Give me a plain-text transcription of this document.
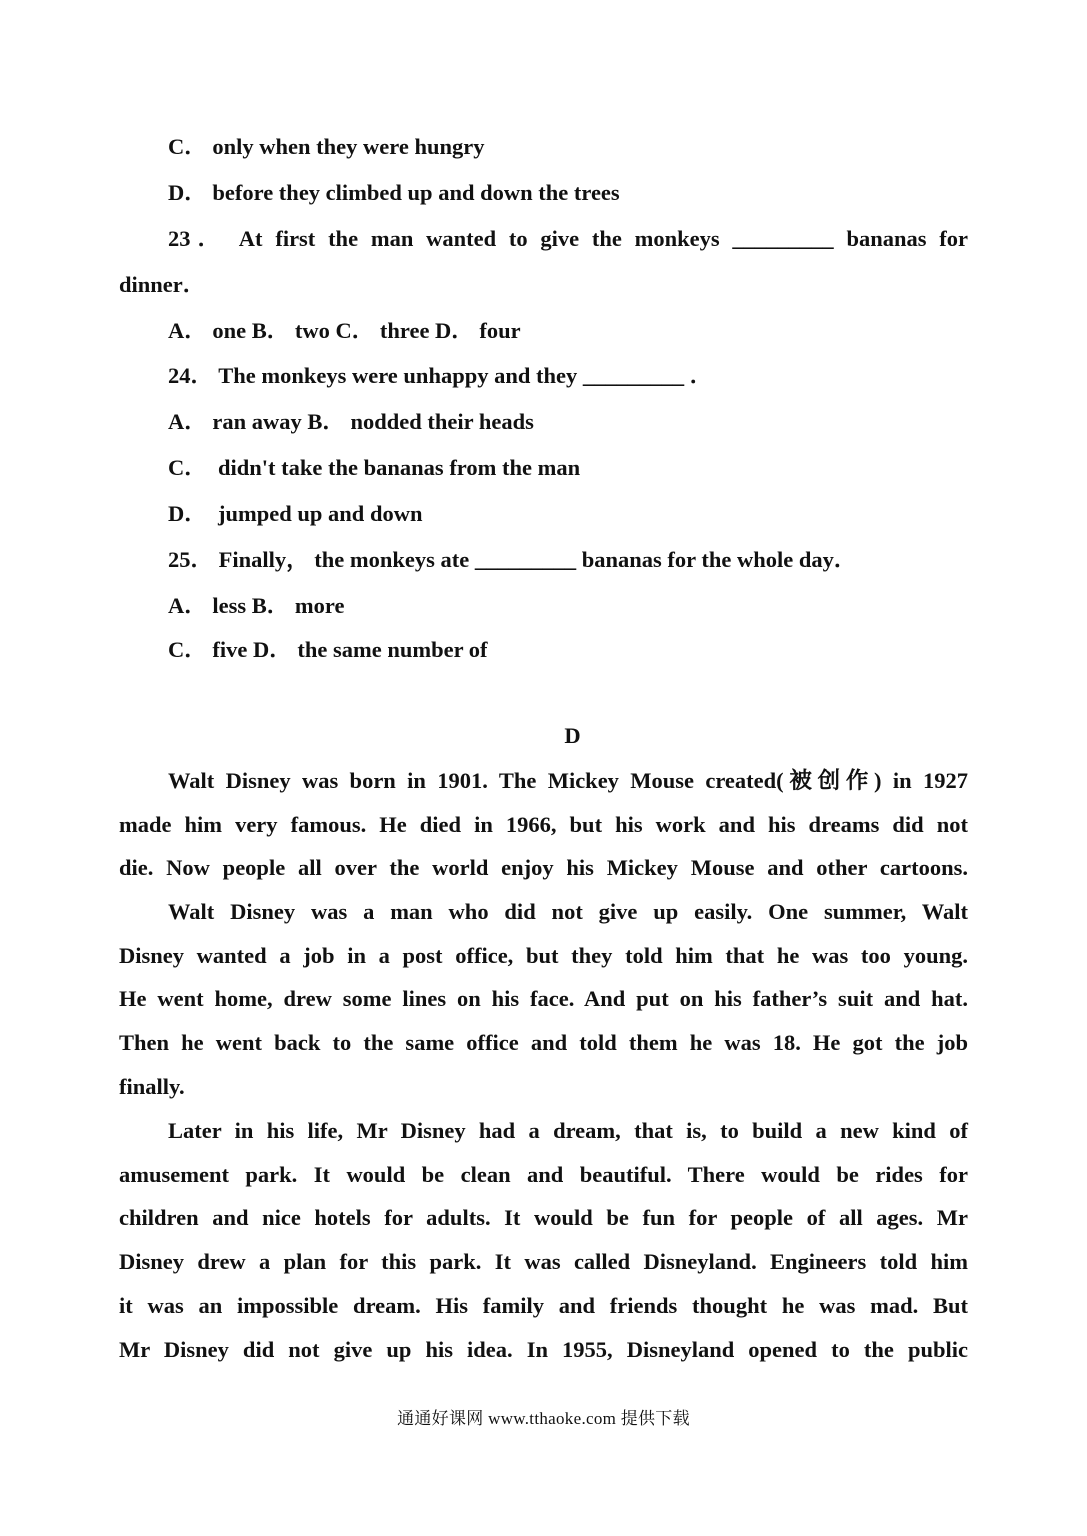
C． only when they were hungry
D． before they climbed up and down the trees
23． At first the man wanted to give the monkeys _________ bananas for
dinner．
A． one B． two C． three D． four
24． The monkeys were unhappy and they _________ ．
A． ran away B． nodded their heads
C．  didn't take the bananas from the man
D．  jumped up and down
25． Finally， the monkeys ate _________ bananas for the whole day．
A． less B． more
C． five D． the same number of
D
Walt Disney was born in 1901. The Mickey Mouse created(被创作) in 1927
made him very famous. He died in 1966, but his work and his dreams did not
die. Now people all over the world enjoy his Mickey Mouse and other cartoons.
Walt Disney was a man who did not give up easily. One summer, Walt
Disney wanted a job in a post office, but they told him that he was too young.
He went home, drew some lines on his face. And put on his father’s suit and hat.
Then he went back to the same office and told them he was 18. He got the job
finally.
Later in his life, Mr Disney had a dream, that is, to build a new kind of
amusement park. It would be clean and beautiful. There would be rides for
children and nice hotels for adults. It would be fun for people of all ages. Mr
Disney drew a plan for this park. It was called Disneyland. Engineers told him
it was an impossible dream. His family and friends thought he was mad. But
Mr Disney did not give up his idea. In 1955, Disneyland opened to the public
通通好课网 www.tthaoke.com 提供下载
